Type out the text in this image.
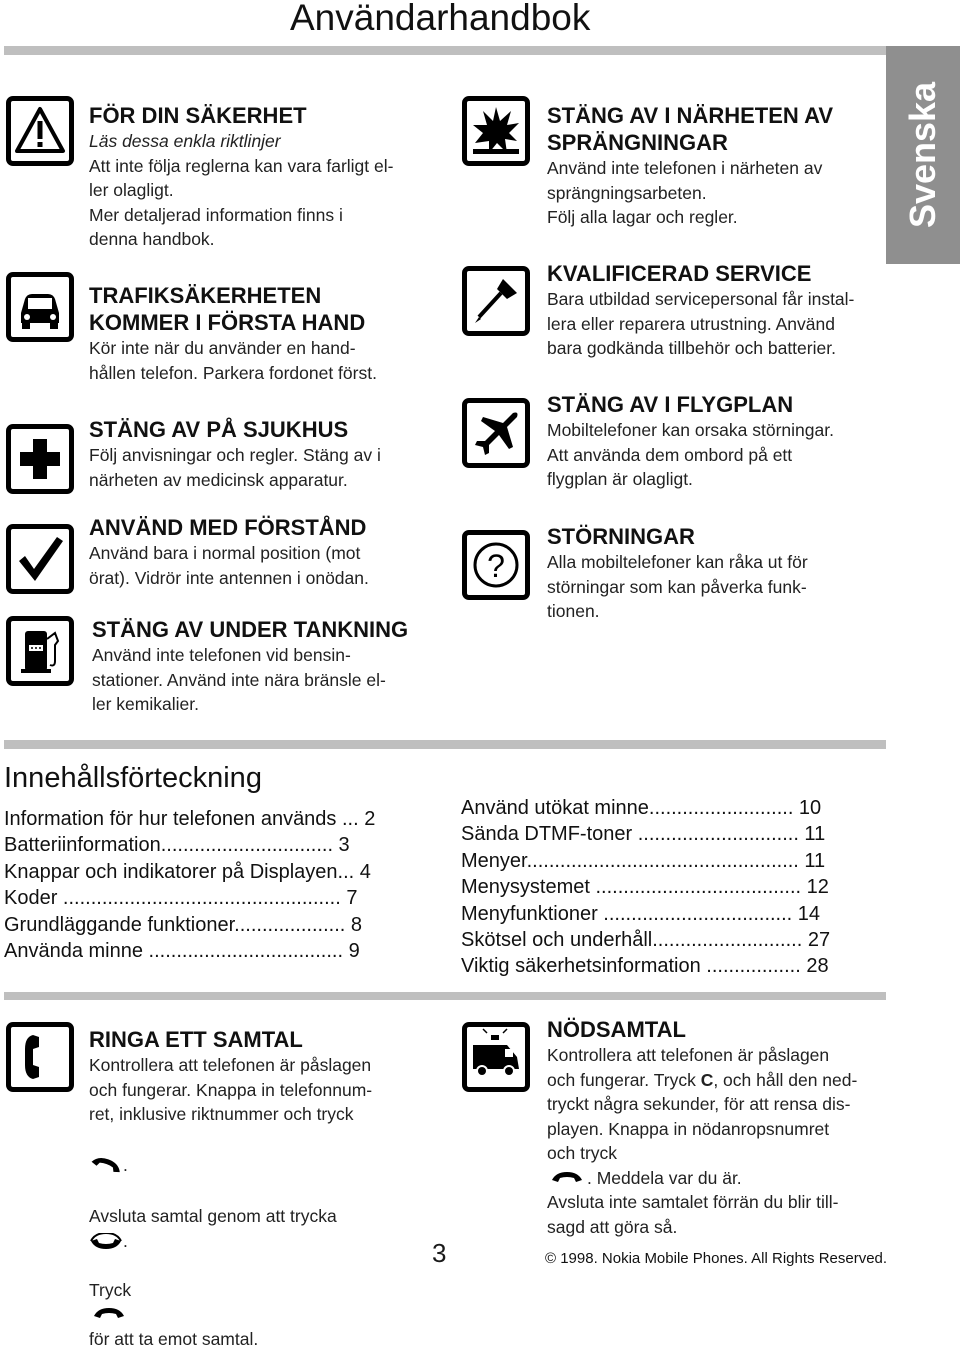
Användarhandbok
Svenska
FÖR DIN SÄKERHET
Läs dessa enkla riktlinjer
Att inte följa reglerna kan vara farligt el-
ler olagligt.
Mer detaljerad information finns i
denna handbok.
TRAFIKSÄKERHETEN
KOMMER I FÖRSTA HAND
Kör inte när du använder en hand-
hållen telefon. Parkera fordonet först.
STÄNG AV PÅ SJUKHUS
Följ anvisningar och regler. Stäng av i
närheten av medicinsk apparatur.
ANVÄND MED FÖRSTÅND
Använd bara i normal position (mot
örat). Vidrör inte antennen i onödan.
STÄNG AV UNDER TANKNING
Använd inte telefonen vid bensin-
stationer. Använd inte nära bränsle el-
ler kemikalier.
STÄNG AV I NÄRHETEN AV
SPRÄNGNINGAR
Använd inte telefonen i närheten av
sprängningsarbeten.
Följ alla lagar och regler.
KVALIFICERAD SERVICE
Bara utbildad servicepersonal får instal-
lera eller reparera utrustning. Använd
bara godkända tillbehör och batterier.
STÄNG AV I FLYGPLAN
Mobiltelefoner kan orsaka störningar.
Att använda dem ombord på ett
flygplan är olagligt.
?
STÖRNINGAR
Alla mobiltelefoner kan råka ut för
störningar som kan påverka funk-
tionen.
Innehållsförteckning
Information för hur telefonen används ... 2
Batteriinformation............................... 3
Knappar och indikatorer på Displayen... 4
Koder .................................................. 7
Grundläggande funktioner.................... 8
Använda minne ................................... 9
Använd utökat minne.......................... 10
Sända DTMF-toner ............................. 11
Menyer................................................. 11
Menysystemet ..................................... 12
Menyfunktioner .................................. 14
Skötsel och underhåll........................... 27
Viktig säkerhetsinformation ................. 28
RINGA ETT SAMTAL
Kontrollera att telefonen är påslagen
och fungerar. Knappa in telefonnum-
ret, inklusive riktnummer och tryck

.

Avsluta samtal genom att trycka
.

Tryck

för att ta emot samtal.

NÖDSAMTAL
Kontrollera att telefonen är påslagen
och fungerar. Tryck C, och håll den ned-
tryckt några sekunder, för att rensa dis-
playen. Knappa in nödanropsnumret
och tryck
. Meddela var du är.
Avsluta inte samtalet förrän du blir till-
sagd att göra så.
3	© 1998. Nokia Mobile Phones. All Rights Reserved.
